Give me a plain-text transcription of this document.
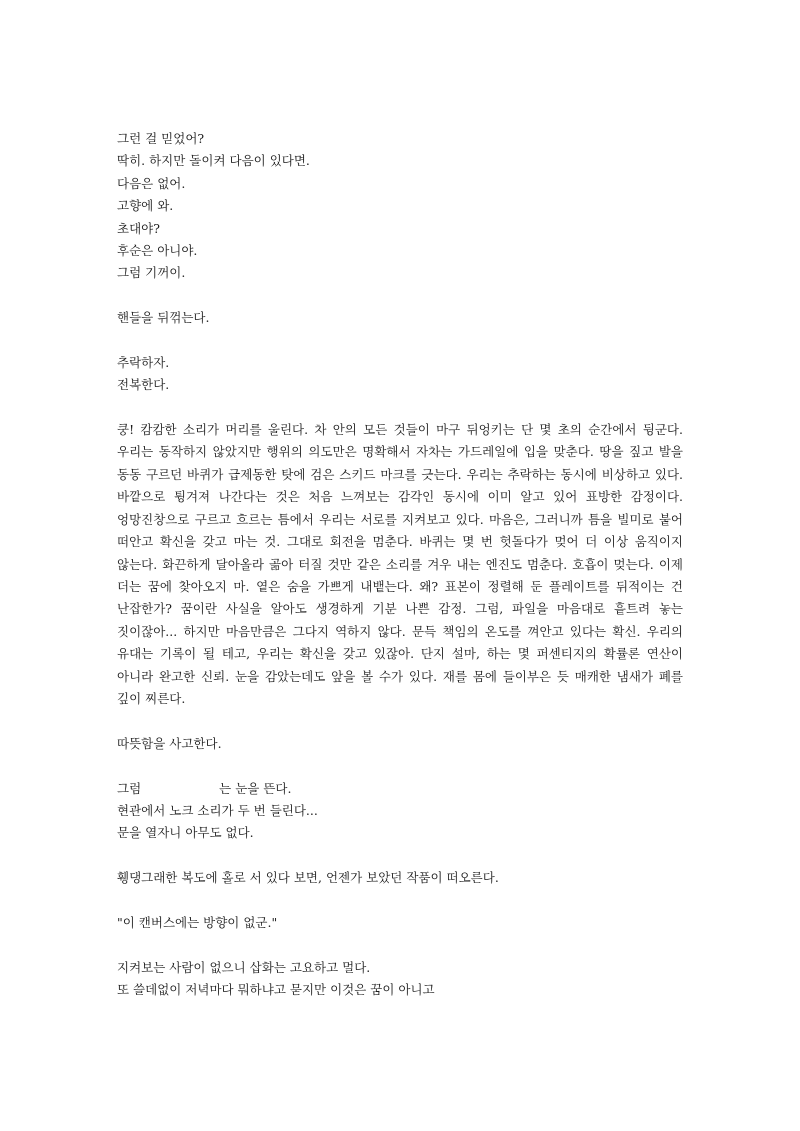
그런 걸 믿었어?
딱히. 하지만 돌이켜 다음이 있다면.
다음은 없어.
고향에 와.
초대야?
후순은 아니야.
그럼 기꺼이.
핸들을 뒤꺾는다.
추락하자.
전복한다.
쿵! 캄캄한 소리가 머리를 울린다. 차 안의 모든 것들이 마구 뒤엉키는 단 몇 초의 순간에서 뒹군다. 우리는 동작하지 않았지만 행위의 의도만은 명확해서 자차는 가드레일에 입을 맞춘다. 땅을 짚고 발을 동동 구르던 바퀴가 급제동한 탓에 검은 스키드 마크를 긋는다. 우리는 추락하는 동시에 비상하고 있다. 바깥으로 튕겨져 나간다는 것은 처음 느껴보는 감각인 동시에 이미 알고 있어 표방한 감정이다. 엉망진창으로 구르고 흐르는 틈에서 우리는 서로를 지켜보고 있다. 마음은, 그러니까 틈을 빌미로 붙어 떠안고 확신을 갖고 마는 것. 그대로 회전을 멈춘다. 바퀴는 몇 번 헛돌다가 멎어 더 이상 움직이지 않는다. 화끈하게 달아올라 곪아 터질 것만 같은 소리를 겨우 내는 엔진도 멈춘다. 호흡이 멎는다. 이제 더는 꿈에 찾아오지 마. 옅은 숨을 가쁘게 내뱉는다. 왜? 표본이 정렬해 둔 플레이트를 뒤적이는 건 난잡한가? 꿈이란 사실을 알아도 생경하게 기분 나쁜 감정. 그럼, 파일을 마음대로 흩트려 놓는 짓이잖아... 하지만 마음만큼은 그다지 역하지 않다. 문득 책임의 온도를 껴안고 있다는 확신. 우리의 유대는 기록이 될 테고, 우리는 확신을 갖고 있잖아. 단지 설마, 하는 몇 퍼센티지의 확률론 연산이 아니라 완고한 신뢰. 눈을 감았는데도 앞을 볼 수가 있다. 재를 몸에 들이부은 듯 매캐한 냄새가 폐를 깊이 찌른다.
따뜻함을 사고한다.
그럼	는 눈을 뜬다.
현관에서 노크 소리가 두 번 들린다...
문을 열자니 아무도 없다.
휑댕그래한 복도에 홀로 서 있다 보면, 언젠가 보았던 작품이 떠오른다.
"이 캔버스에는 방향이 없군."
지켜보는 사람이 없으니 삽화는 고요하고 멀다.
또 쓸데없이 저녁마다 뭐하냐고 묻지만 이것은 꿈이 아니고
